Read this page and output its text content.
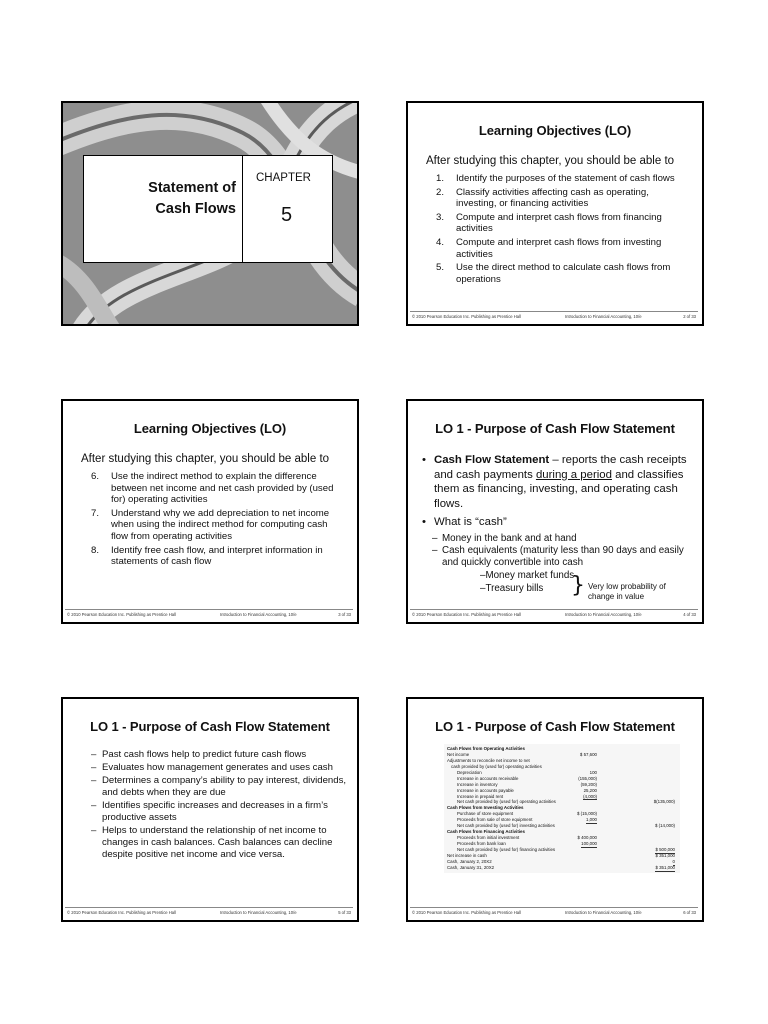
Statement of
Cash Flows
CHAPTER
5
Learning Objectives (LO)
After studying this chapter, you should be able to
1. Identify the purposes of the statement of cash flows
2. Classify activities affecting cash as operating, investing, or financing activities
3. Compute and interpret cash flows from financing activities
4. Compute and interpret cash flows from investing activities
5. Use the direct method to calculate cash flows from operations
© 2010 Pearson Education Inc. Publishing as Prentice Hall	Introduction to Financial Accounting, 10/e	2 of 33
Learning Objectives (LO)
After studying this chapter, you should be able to
6. Use the indirect method to explain the difference between net income and net cash provided by (used for) operating activities
7. Understand why we add depreciation to net income when using the indirect method for computing cash flow from operating activities
8. Identify free cash flow, and interpret information in statements of cash flow
© 2010 Pearson Education Inc. Publishing as Prentice Hall	Introduction to Financial Accounting, 10/e	3 of 33
LO 1 - Purpose of Cash Flow Statement
• Cash Flow Statement – reports the cash receipts and cash payments during a period and classifies them as financing, investing, and operating cash flows.
• What is “cash”
– Money in the bank and at hand
– Cash equivalents (maturity less than 90 days and easily and quickly convertible into cash
–Money market funds
–Treasury bills	} Very low probability of
change in value
© 2010 Pearson Education Inc. Publishing as Prentice Hall	Introduction to Financial Accounting, 10/e	4 of 33
LO 1 - Purpose of Cash Flow Statement
– Past cash flows help to predict future cash flows
– Evaluates how management generates and uses cash
– Determines a company’s ability to pay interest, dividends, and debts when they are due
– Identifies specific increases and decreases in a firm’s productive assets
– Helps to understand the relationship of net income to changes in cash balances. Cash balances can decline despite positive net income and vice versa.
© 2010 Pearson Education Inc. Publishing as Prentice Hall	Introduction to Financial Accounting, 10/e	5 of 33
LO 1 - Purpose of Cash Flow Statement
Cash Flows from Operating Activities
Net income	$ 57,600
Adjustments to reconcile net income to net
cash provided by (used for) operating activities
Depreciation	100
Increase in accounts receivable	(155,000)
Increase in inventory	(59,200)
Increase in accounts payable	25,200
Increase in prepaid rent	(4,000)
Net cash provided by (used for) operating activities	$(135,000)
Cash Flows from Investing Activities
Purchase of store equipment	$ (15,000)
Proceeds from sale of store equipment	1,000
Net cash provided by (used for) investing activities	$ (14,000)
Cash Flows from Financing Activities
Proceeds from initial investment	$ 400,000
Proceeds from bank loan	100,000
Net cash provided by (used for) financing activities	$ 500,000
Net increase in cash	$ 351,000
Cash, January 2, 20X2	0
Cash, January 31, 20X2	$ 351,000
© 2010 Pearson Education Inc. Publishing as Prentice Hall	Introduction to Financial Accounting, 10/e	6 of 33
